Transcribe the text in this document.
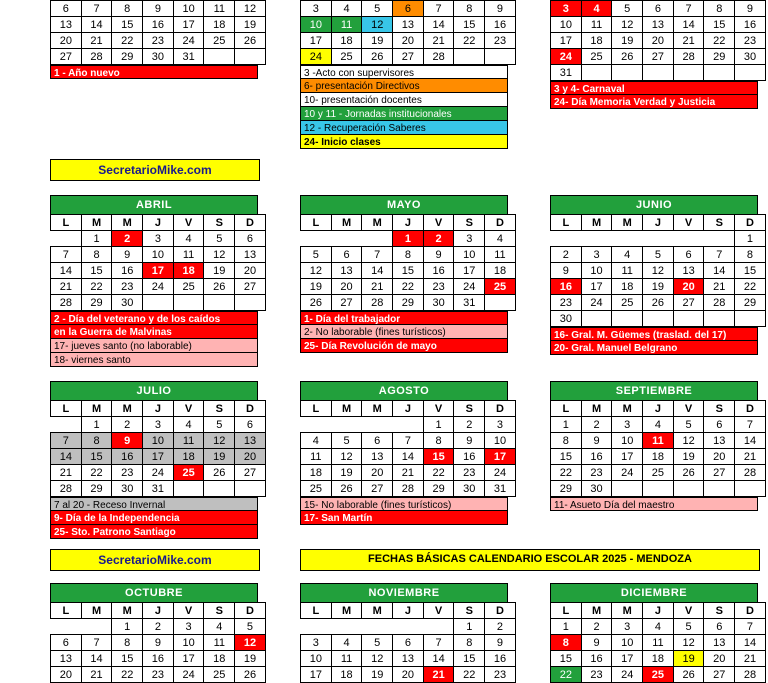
6	7	8	9	10	11	12
13	14	15	16	17	18	19
20	21	22	23	24	25	26
27	28	29	30	31		
1 - Año nuevo
3	4	5	6	7	8	9
10	11	12	13	14	15	16
17	18	19	20	21	22	23
24	25	26	27	28		
3 -Acto con supervisores
6- presentación Directivos
10- presentación docentes
10 y 11 - Jornadas institucionales
12 - Recuperación Saberes
24- Inicio clases
3	4	5	6	7	8	9
10	11	12	13	14	15	16
17	18	19	20	21	22	23
24	25	26	27	28	29	30
31						
3 y 4- Carnaval
24- Día Memoria Verdad y Justicia
SecretarioMike.com
ABRIL
L	M	M	J	V	S	D
	1	2	3	4	5	6
7	8	9	10	11	12	13
14	15	16	17	18	19	20
21	22	23	24	25	26	27
28	29	30				
2 - Día del veterano y de los caídos
en la Guerra de Malvinas
17- jueves santo (no laborable)
18- viernes santo
MAYO
L	M	M	J	V	S	D
			1	2	3	4
5	6	7	8	9	10	11
12	13	14	15	16	17	18
19	20	21	22	23	24	25
26	27	28	29	30	31	
1- Día del trabajador
2- No laborable (fines turísticos)
25- Día Revolución de mayo
JUNIO
L	M	M	J	V	S	D
						1
2	3	4	5	6	7	8
9	10	11	12	13	14	15
16	17	18	19	20	21	22
23	24	25	26	27	28	29
30						
16- Gral. M. Güemes (traslad. del 17)
20- Gral. Manuel Belgrano
JULIO
L	M	M	J	V	S	D
	1	2	3	4	5	6
7	8	9	10	11	12	13
14	15	16	17	18	19	20
21	22	23	24	25	26	27
28	29	30	31			
7 al 20 - Receso Invernal
9- Día de la Independencia
25- Sto. Patrono Santiago
AGOSTO
L	M	M	J	V	S	D
				1	2	3
4	5	6	7	8	9	10
11	12	13	14	15	16	17
18	19	20	21	22	23	24
25	26	27	28	29	30	31
15- No laborable (fines turísticos)
17- San Martín
SEPTIEMBRE
L	M	M	J	V	S	D
1	2	3	4	5	6	7
8	9	10	11	12	13	14
15	16	17	18	19	20	21
22	23	24	25	26	27	28
29	30					
11- Asueto Día del maestro
SecretarioMike.com	FECHAS BÁSICAS CALENDARIO ESCOLAR 2025 - MENDOZA
OCTUBRE
L	M	M	J	V	S	D
		1	2	3	4	5
6	7	8	9	10	11	12
13	14	15	16	17	18	19
20	21	22	23	24	25	26
NOVIEMBRE
L	M	M	J	V	S	D
					1	2
3	4	5	6	7	8	9
10	11	12	13	14	15	16
17	18	19	20	21	22	23
DICIEMBRE
L	M	M	J	V	S	D
1	2	3	4	5	6	7
8	9	10	11	12	13	14
15	16	17	18	19	20	21
22	23	24	25	26	27	28
